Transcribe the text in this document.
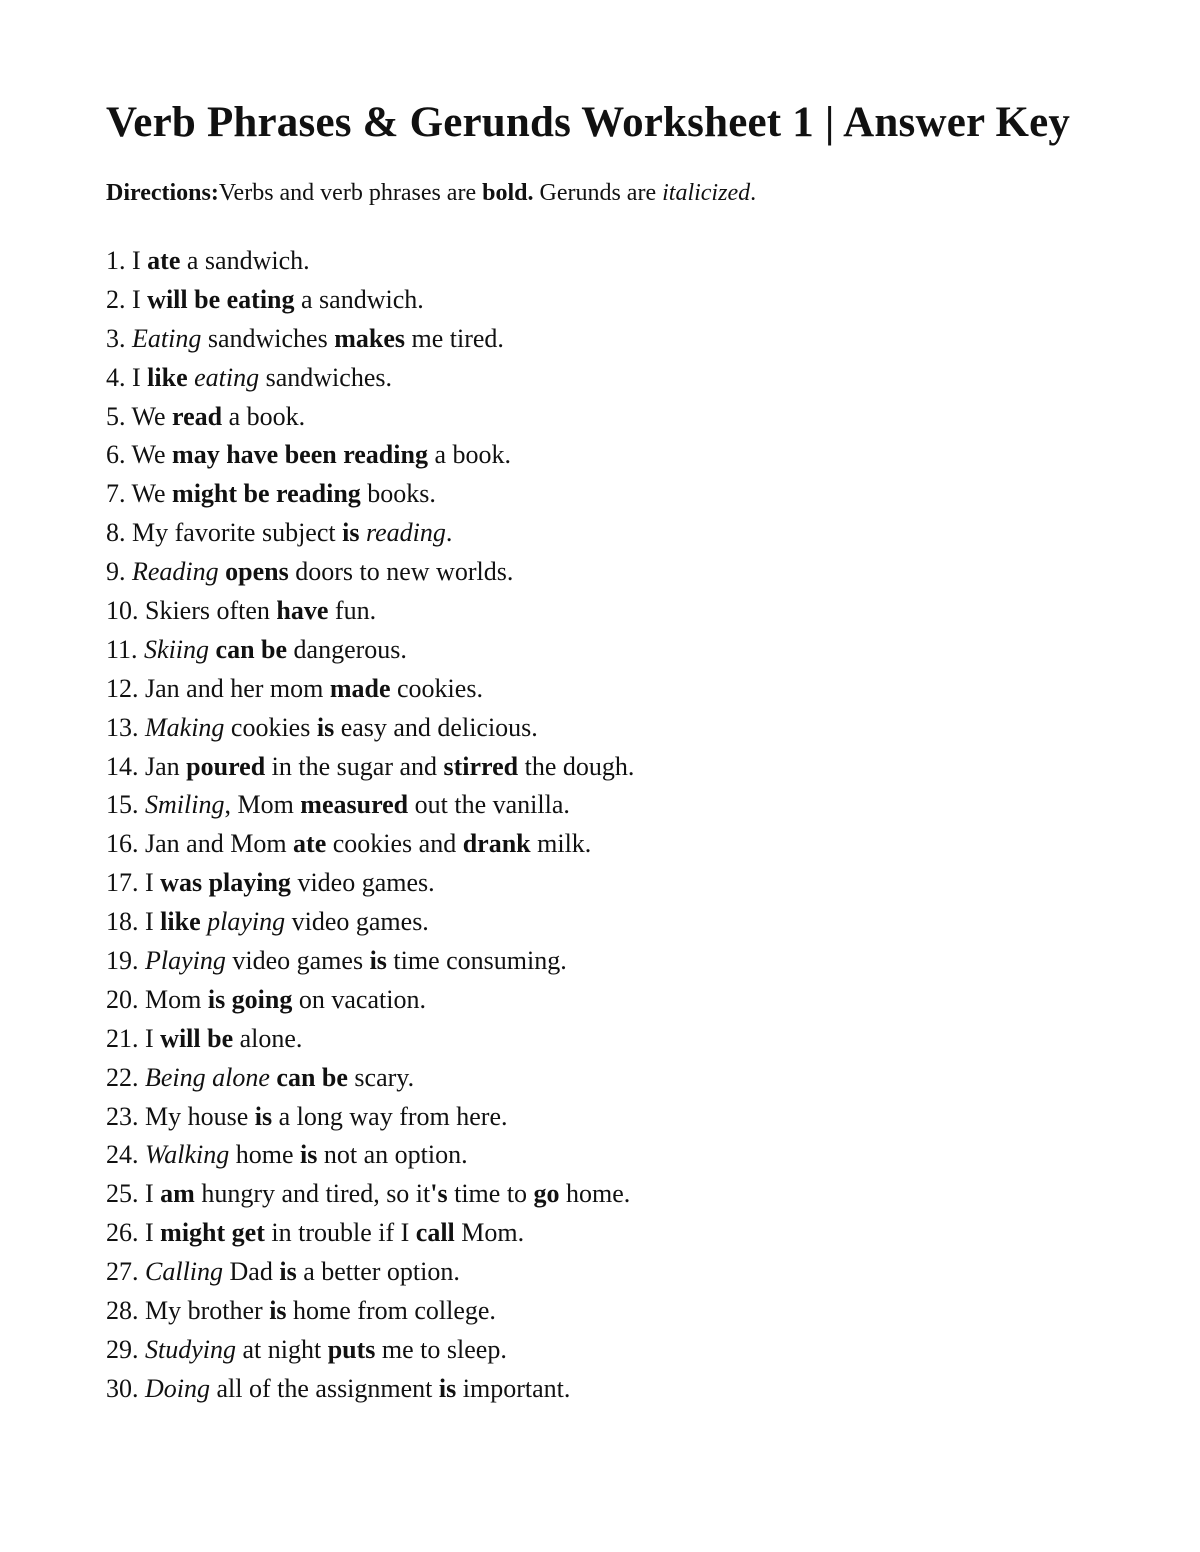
Verb Phrases & Gerunds Worksheet 1 | Answer Key

Directions:Verbs and verb phrases are bold. Gerunds are italicized.

1. I ate a sandwich.
2. I will be eating a sandwich.
3. Eating sandwiches makes me tired.
4. I like eating sandwiches.
5. We read a book.
6. We may have been reading a book.
7. We might be reading books.
8. My favorite subject is reading.
9. Reading opens doors to new worlds.
10. Skiers often have fun.
11. Skiing can be dangerous.
12. Jan and her mom made cookies.
13. Making cookies is easy and delicious.
14. Jan poured in the sugar and stirred the dough.
15. Smiling, Mom measured out the vanilla.
16. Jan and Mom ate cookies and drank milk.
17. I was playing video games.
18. I like playing video games.
19. Playing video games is time consuming.
20. Mom is going on vacation.
21. I will be alone.
22. Being alone can be scary.
23. My house is a long way from here.
24. Walking home is not an option.
25. I am hungry and tired, so it's time to go home.
26. I might get in trouble if I call Mom.
27. Calling Dad is a better option.
28. My brother is home from college.
29. Studying at night puts me to sleep.
30. Doing all of the assignment is important.
